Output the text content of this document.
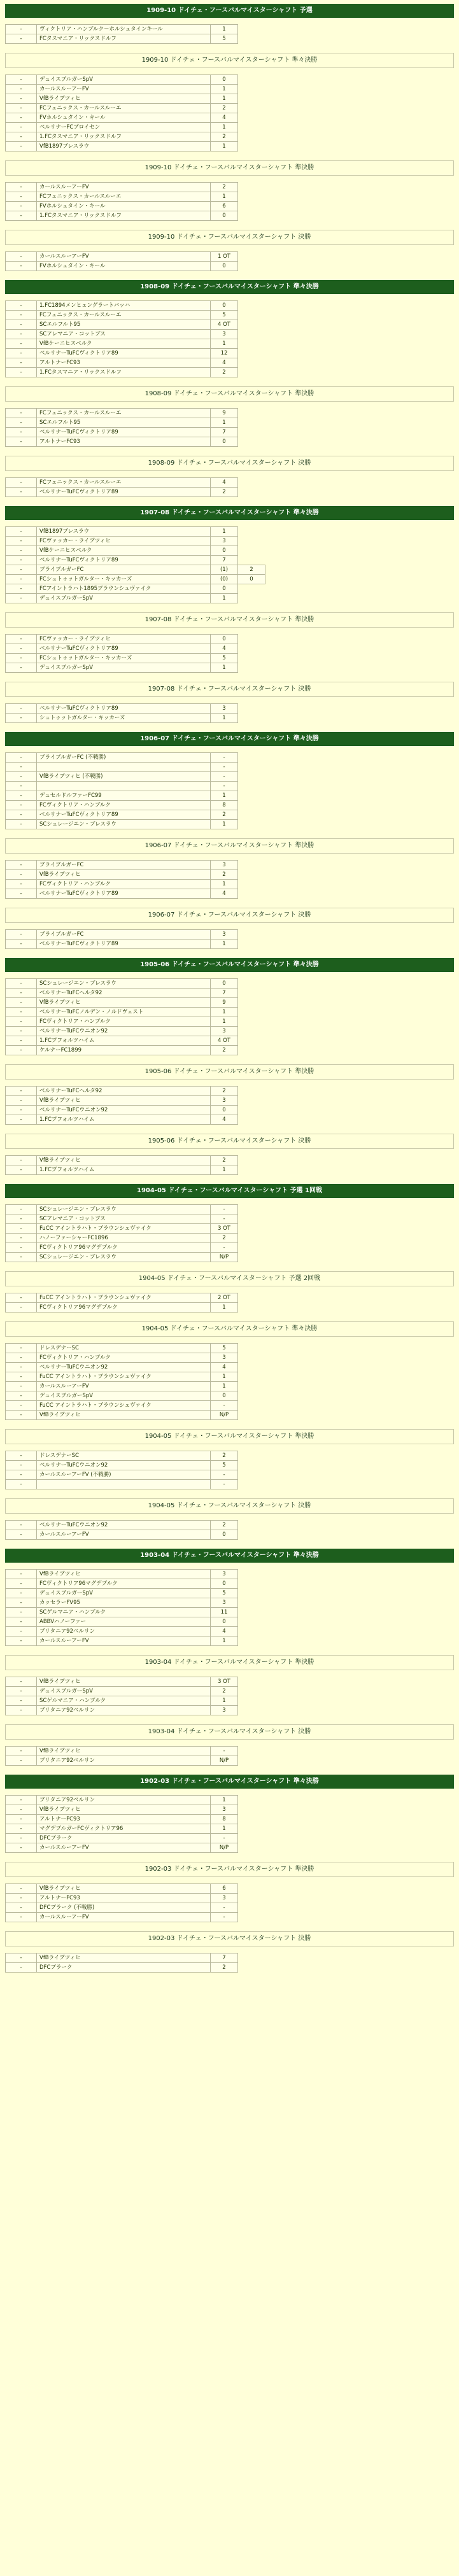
1909-10 ドイチェ・フースバルマイスターシャフト 予選
-	ヴィクトリア・ハンブルク－ホルシュタインキール	1
-	FCタスマニア・リックスドルフ	5
1909-10 ドイチェ・フースバルマイスターシャフト 準々決勝
-	デュイスブルガーSpV	0
-	カールスルーアーFV	1
-	VfBライプツィヒ	1
-	FCフェニックス・カールスルーエ	2
-	FVホルシュタイン・キール	4
-	ベルリナーFCプロイセン	1
-	1.FCタスマニア・リックスドルフ	2
-	VfB1897ブレスラウ	1
1909-10 ドイチェ・フースバルマイスターシャフト 準決勝
-	カールスルーアーFV	2
-	FCフェニックス・カールスルーエ	1
-	FVホルシュタイン・キール	6
-	1.FCタスマニア・リックスドルフ	0
1909-10 ドイチェ・フースバルマイスターシャフト 決勝
-	カールスルーアーFV	1 OT
-	FVホルシュタイン・キール	0
1908-09 ドイチェ・フースバルマイスターシャフト 準々決勝
-	1.FC1894メンヒェングラートバッハ	0
-	FCフェニックス・カールスルーエ	5
-	SCエルフルト95	4 OT
-	SCアレマニア・コットブス	3
-	VfBケーニヒスベルク	1
-	ベルリナーTuFCヴィクトリア89	12
-	アルトナーFC93	4
-	1.FCタスマニア・リックスドルフ	2
1908-09 ドイチェ・フースバルマイスターシャフト 準決勝
-	FCフェニックス・カールスルーエ	9
-	SCエルフルト95	1
-	ベルリナーTuFCヴィクトリア89	7
-	アルトナーFC93	0
1908-09 ドイチェ・フースバルマイスターシャフト 決勝
-	FCフェニックス・カールスルーエ	4
-	ベルリナーTuFCヴィクトリア89	2
1907-08 ドイチェ・フースバルマイスターシャフト 準々決勝
-	VfB1897ブレスラウ	1	
-	FCヴァッカー・ライプツィヒ	3	
-	VfBケーニヒスベルク	0	
-	ベルリナーTuFCヴィクトリア89	7	
-	ブライブルガーFC	(1)	2
-	FCシュトゥットガルター・キッカーズ	(0)	0
-	FCアイントラハト1895ブラウンシュヴァイク	0	
-	デュイスブルガーSpV	1	
1907-08 ドイチェ・フースバルマイスターシャフト 準決勝
-	FCヴァッカー・ライプツィヒ	0
-	ベルリナーTuFCヴィクトリア89	4
-	FCシュトゥットガルター・キッカーズ	5
-	デュイスブルガーSpV	1
1907-08 ドイチェ・フースバルマイスターシャフト 決勝
-	ベルリナーTuFCヴィクトリア89	3
-	シュトゥットガルター・キッカーズ	1
1906-07 ドイチェ・フースバルマイスターシャフト 準々決勝
-	ブライブルガーFC (不戦勝)	-
-		-
-	VfBライプツィヒ (不戦勝)	-
-		-
-	デュセルドルファーFC99	1
-	FCヴィクトリア・ハンブルク	8
-	ベルリナーTuFCヴィクトリア89	2
-	SCシュレージエン・ブレスラウ	1
1906-07 ドイチェ・フースバルマイスターシャフト 準決勝
-	ブライブルガーFC	3
-	VfBライプツィヒ	2
-	FCヴィクトリア・ハンブルク	1
-	ベルリナーTuFCヴィクトリア89	4
1906-07 ドイチェ・フースバルマイスターシャフト 決勝
-	ブライブルガーFC	3
-	ベルリナーTuFCヴィクトリア89	1
1905-06 ドイチェ・フースバルマイスターシャフト 準々決勝
-	SCシュレージエン・ブレスラウ	0
-	ベルリナーTuFCヘルタ92	7
-	VfBライプツィヒ	9
-	ベルリナーTuFCノルデン・ノルドヴェスト	1
-	FCヴィクトリア・ハンブルク	1
-	ベルリナーTuFCウニオン92	3
-	1.FCプフォルツハイム	4 OT
-	ケルナーFC1899	2
1905-06 ドイチェ・フースバルマイスターシャフト 準決勝
-	ベルリナーTuFCヘルタ92	2
-	VfBライプツィヒ	3
-	ベルリナーTuFCウニオン92	0
-	1.FCプフォルツハイム	4
1905-06 ドイチェ・フースバルマイスターシャフト 決勝
-	VfBライプツィヒ	2
-	1.FCプフォルツハイム	1
1904-05 ドイチェ・フースバルマイスターシャフト 予選 1回戦
-	SCシュレージエン・ブレスラウ	-
-	SCアレマニア・コットブス	-
-	FuCC アイントラハト・ブラウンシュヴァイク	3 OT
-	ハノーファーシャーFC1896	2
-	FCヴィクトリア96マグデブルク	-
-	SCシュレージエン・ブレスラウ	N/P
1904-05 ドイチェ・フースバルマイスターシャフト 予選 2回戦
-	FuCC アイントラハト・ブラウンシュヴァイク	2 OT
-	FCヴィクトリア96マグデブルク	1
1904-05 ドイチェ・フースバルマイスターシャフト 準々決勝
-	ドレスデナーSC	5
-	FCヴィクトリア・ハンブルク	3
-	ベルリナーTuFCウニオン92	4
-	FuCC アイントラハト・ブラウンシュヴァイク	1
-	カールスルーアーFV	1
-	デュイスブルガーSpV	0
-	FuCC アイントラハト・ブラウンシュヴァイク	-
-	VfBライプツィヒ	N/P
1904-05 ドイチェ・フースバルマイスターシャフト 準決勝
-	ドレスデナーSC	2
-	ベルリナーTuFCウニオン92	5
-	カールスルーアーFV (不戦勝)	-
-		-
1904-05 ドイチェ・フースバルマイスターシャフト 決勝
-	ベルリナーTuFCウニオン92	2
-	カールスルーアーFV	0
1903-04 ドイチェ・フースバルマイスターシャフト 準々決勝
-	VfBライプツィヒ	3
-	FCヴィクトリア96マグデブルク	0
-	デュイスブルガーSpV	5
-	カッセラーFV95	3
-	SCゲルマニア・ハンブルク	11
-	ABBVハノーファー	0
-	ブリタニア92ベルリン	4
-	カールスルーアーFV	1
1903-04 ドイチェ・フースバルマイスターシャフト 準決勝
-	VfBライプツィヒ	3 OT
-	デュイスブルガーSpV	2
-	SCゲルマニア・ハンブルク	1
-	ブリタニア92ベルリン	3
1903-04 ドイチェ・フースバルマイスターシャフト 決勝
-	VfBライプツィヒ	-
-	ブリタニア92ベルリン	N/P
1902-03 ドイチェ・フースバルマイスターシャフト 準々決勝
-	ブリタニア92ベルリン	1
-	VfBライプツィヒ	3
-	アルトナーFC93	8
-	マグデブルガーFCヴィクトリア96	1
-	DFCプラーク	-
-	カールスルーアーFV	N/P
1902-03 ドイチェ・フースバルマイスターシャフト 準決勝
-	VfBライプツィヒ	6
-	アルトナーFC93	3
-	DFCプラーク (不戦勝)	-
-	カールスルーアーFV	-
1902-03 ドイチェ・フースバルマイスターシャフト 決勝
-	VfBライプツィヒ	7
-	DFCプラーク	2
